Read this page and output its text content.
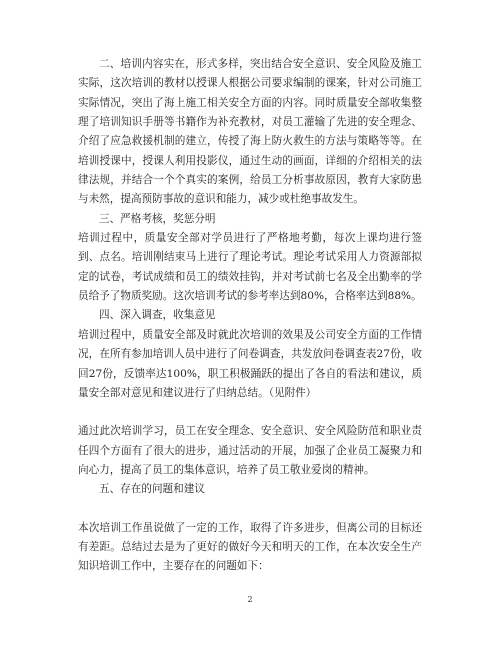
二、培训内容实在，形式多样，突出结合安全意识、安全风险及施工实际，这次培训的教材以授课人根据公司要求编制的课案，针对公司施工实际情况，突出了海上施工相关安全方面的内容。同时质量安全部收集整理了培训知识手册等书籍作为补充教材，对员工灌输了先进的安全理念、介绍了应急救援机制的建立，传授了海上防火救生的方法与策略等等。在培训授课中，授课人利用投影仪，通过生动的画面，详细的介绍相关的法律法规，并结合一个个真实的案例，给员工分析事故原因，教育大家防患与未然，提高预防事故的意识和能力，减少或杜绝事故发生。

三、严格考核，奖惩分明

培训过程中，质量安全部对学员进行了严格地考勤，每次上课均进行签到、点名。培训刚结束马上进行了理论考试。理论考试采用人力资源部拟定的试卷，考试成绩和员工的绩效挂钩，并对考试前七名及全出勤率的学员给予了物质奖励。这次培训考试的参考率达到80%，合格率达到88%。

四、深入调查，收集意见

培训过程中，质量安全部及时就此次培训的效果及公司安全方面的工作情况，在所有参加培训人员中进行了问卷调查，共发放问卷调查表27份，收回27份，反馈率达100%，职工积极踊跃的提出了各自的看法和建议，质量安全部对意见和建议进行了归纳总结。（见附件）

通过此次培训学习，员工在安全理念、安全意识、安全风险防范和职业责任四个方面有了很大的进步，通过活动的开展，加强了企业员工凝聚力和向心力，提高了员工的集体意识，培养了员工敬业爱岗的精神。

五、存在的问题和建议

本次培训工作虽说做了一定的工作，取得了许多进步，但离公司的目标还有差距。总结过去是为了更好的做好今天和明天的工作，在本次安全生产知识培训工作中，主要存在的问题如下：

2
